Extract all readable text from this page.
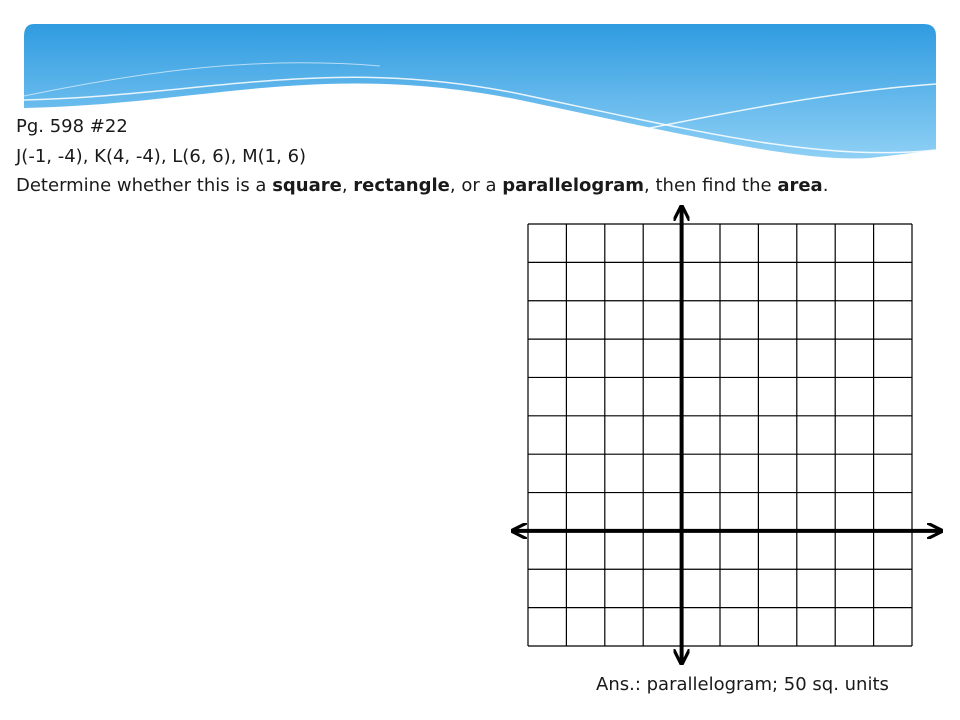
Pg. 598 #22
J(-1, -4), K(4, -4), L(6, 6), M(1, 6)
Determine whether this is a square, rectangle, or a parallelogram, then find the area.
Ans.: parallelogram; 50 sq. units
